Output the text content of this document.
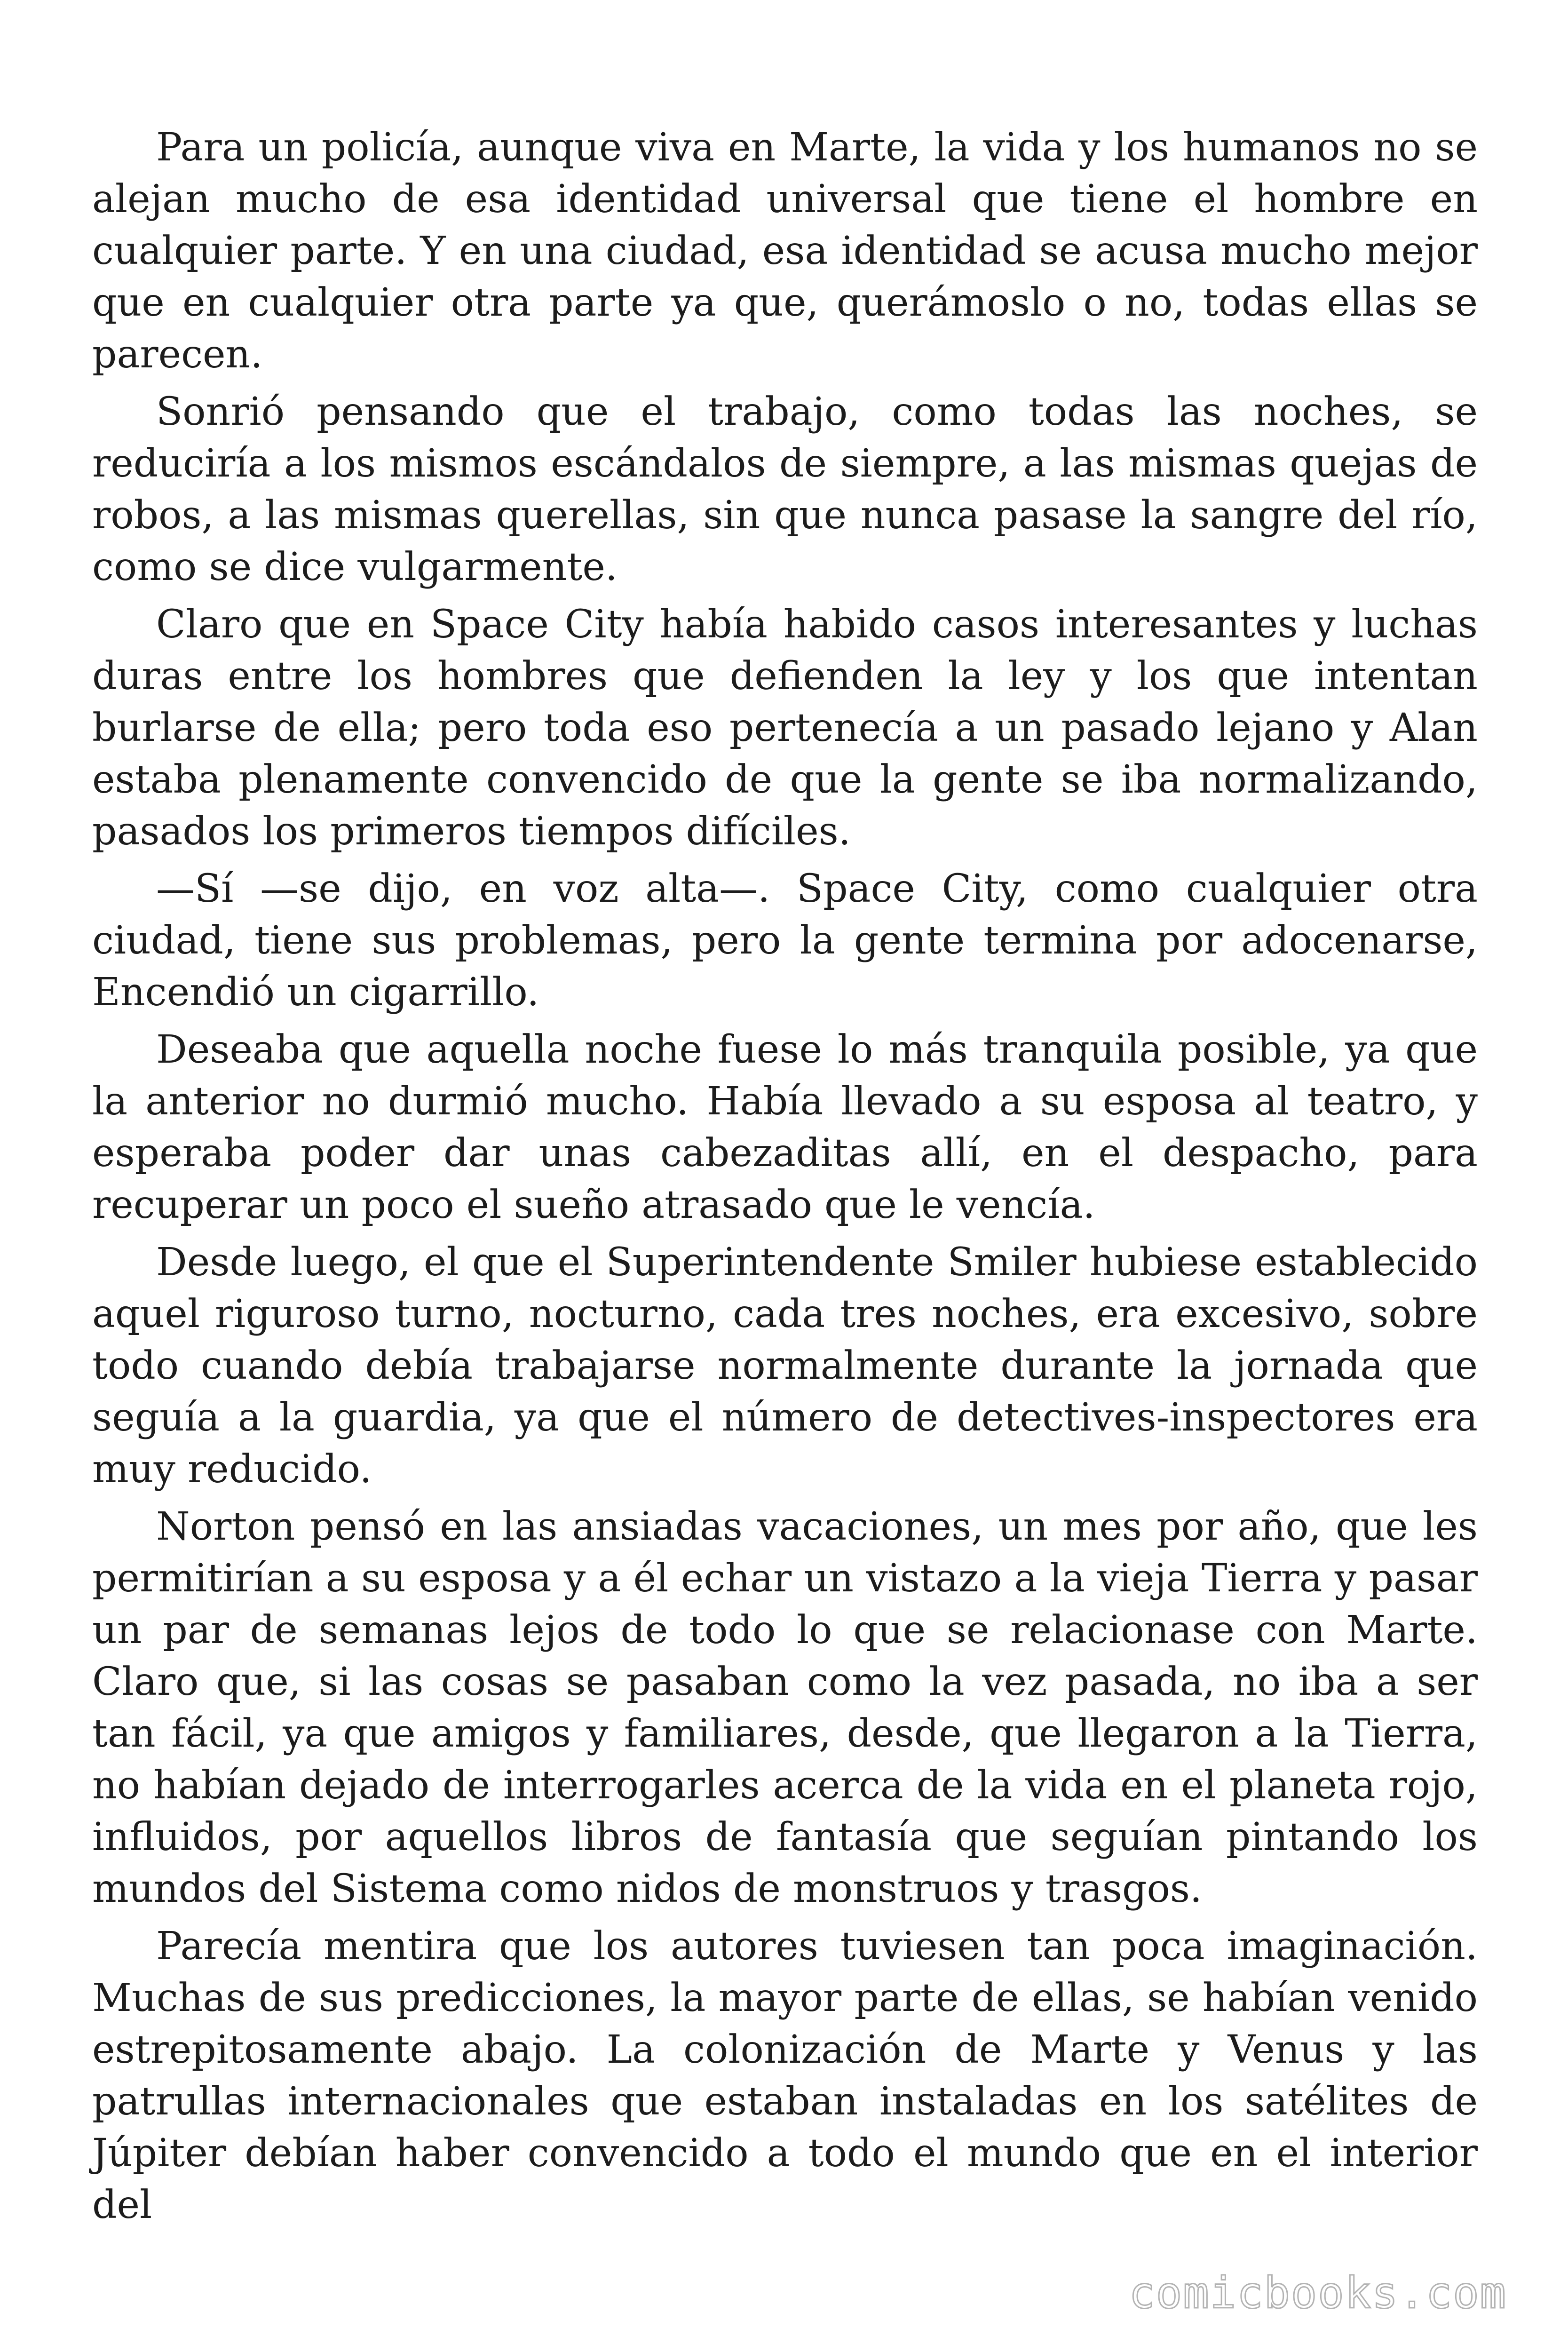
Para un policía, aunque viva en Marte, la vida y los humanos no se alejan mucho de esa identidad universal que tiene el hombre en cualquier parte. Y en una ciudad, esa identidad se acusa mucho mejor que en cualquier otra parte ya que, querámoslo o no, todas ellas se parecen.

Sonrió pensando que el trabajo, como todas las noches, se reduciría a los mismos escándalos de siempre, a las mismas quejas de robos, a las mismas querellas, sin que nunca pasase la sangre del río, como se dice vulgarmente.

Claro que en Space City había habido casos interesantes y luchas duras entre los hombres que defienden la ley y los que intentan burlarse de ella; pero toda eso pertenecía a un pasado lejano y Alan estaba plenamente convencido de que la gente se iba normalizando, pasados los primeros tiempos difíciles.

—Sí —se dijo, en voz alta—. Space City, como cualquier otra ciudad, tiene sus problemas, pero la gente termina por adocenarse, Encendió un cigarrillo.

Deseaba que aquella noche fuese lo más tranquila posible, ya que la anterior no durmió mucho. Había llevado a su esposa al teatro, y esperaba poder dar unas cabezaditas allí, en el despacho, para recuperar un poco el sueño atrasado que le vencía.

Desde luego, el que el Superintendente Smiler hubiese establecido aquel riguroso turno, nocturno, cada tres noches, era excesivo, sobre todo cuando debía trabajarse normalmente durante la jornada que seguía a la guardia, ya que el número de detectives-inspectores era muy reducido.

Norton pensó en las ansiadas vacaciones, un mes por año, que les permitirían a su esposa y a él echar un vistazo a la vieja Tierra y pasar un par de semanas lejos de todo lo que se relacionase con Marte. Claro que, si las cosas se pasaban como la vez pasada, no iba a ser tan fácil, ya que amigos y familiares, desde, que llegaron a la Tierra, no habían dejado de interrogarles acerca de la vida en el planeta rojo, influidos, por aquellos libros de fantasía que seguían pintando los mundos del Sistema como nidos de monstruos y trasgos.

Parecía mentira que los autores tuviesen tan poca imaginación. Muchas de sus predicciones, la mayor parte de ellas, se habían venido estrepitosamente abajo. La colonización de Marte y Venus y las patrullas internacionales que estaban instaladas en los satélites de Júpiter debían haber convencido a todo el mundo que en el interior del

comicbooks.com
